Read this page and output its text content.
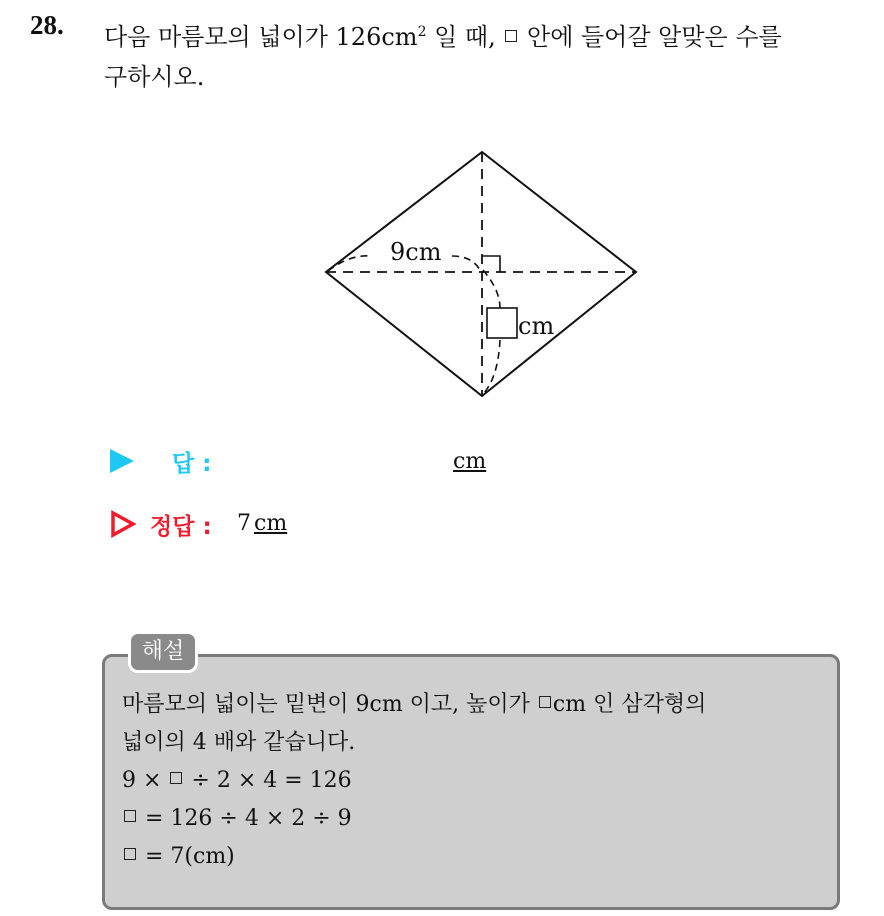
28. 다음 마름모의 넓이가 $126cm^2$ 일 때,  안에 들어갈 알맞은 수를
구하시오.
9cm
cm
답 :	cm
정답 : 7 cm
해설
마름모의 넓이는 밑변이 9cm 이고, 높이가 cm 인 삼각형의
넓이의 4 배와 같습니다.
9 ×  ÷ 2 × 4 = 126
= 126 ÷ 4 × 2 ÷ 9
= 7(cm)
